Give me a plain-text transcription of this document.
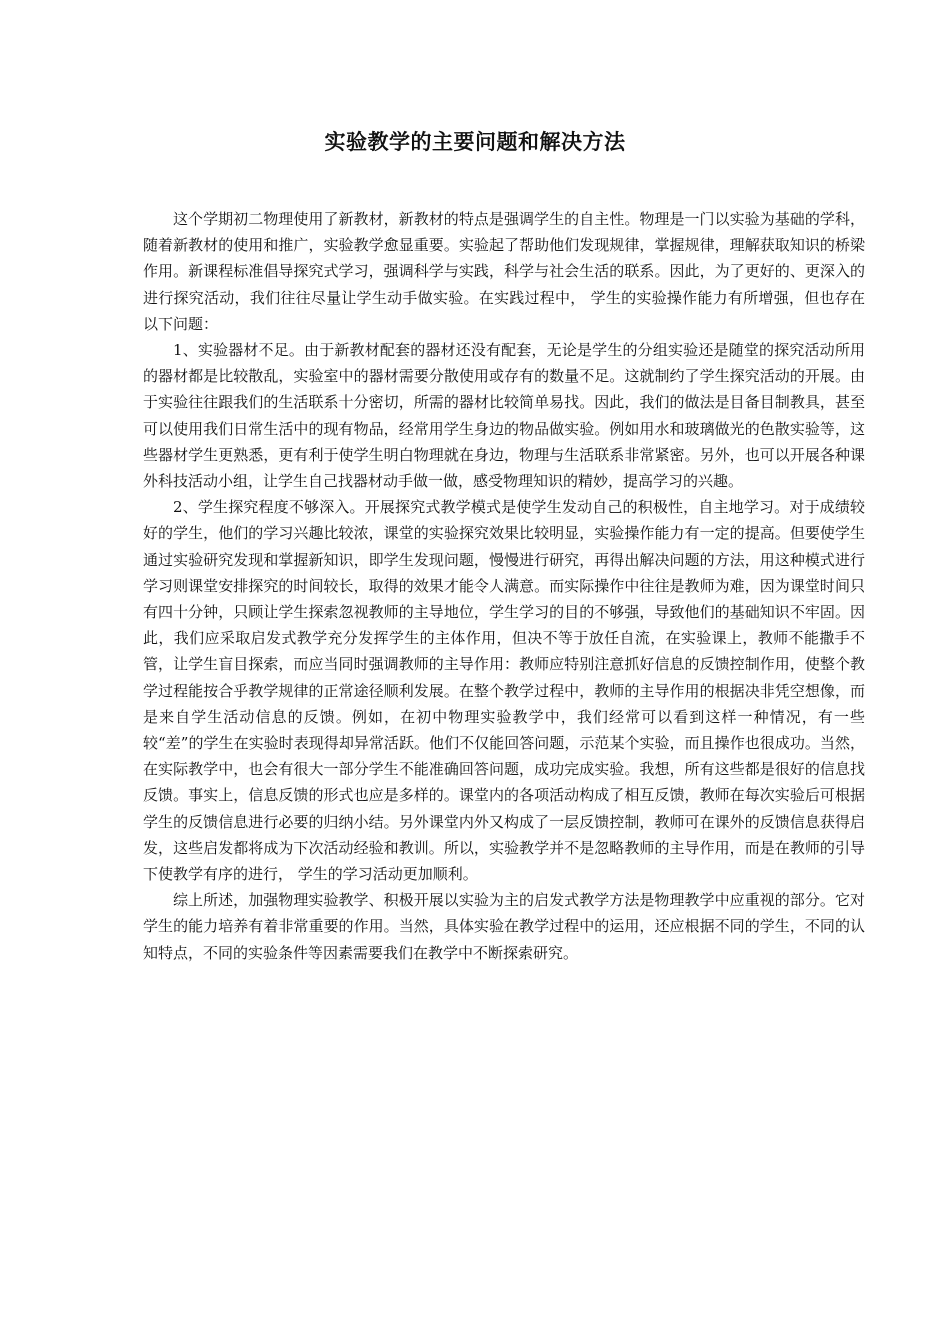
实验教学的主要问题和解决方法

这个学期初二物理使用了新教材，新教材的特点是强调学生的自主性。物理是一门以实验为基础的学科，随着新教材的使用和推广，实验教学愈显重要。实验起了帮助他们发现规律，掌握规律，理解获取知识的桥梁作用。新课程标准倡导探究式学习，强调科学与实践，科学与社会生活的联系。因此，为了更好的、更深入的进行探究活动，我们往往尽量让学生动手做实验。在实践过程中， 学生的实验操作能力有所增强，但也存在以下问题：

1、实验器材不足。由于新教材配套的器材还没有配套，无论是学生的分组实验还是随堂的探究活动所用的器材都是比较散乱，实验室中的器材需要分散使用或存有的数量不足。这就制约了学生探究活动的开展。由于实验往往跟我们的生活联系十分密切，所需的器材比较简单易找。因此，我们的做法是目备目制教具，甚至可以使用我们日常生活中的现有物品，经常用学生身边的物品做实验。例如用水和玻璃做光的色散实验等，这些器材学生更熟悉，更有利于使学生明白物理就在身边，物理与生活联系非常紧密。另外，也可以开展各种课外科技活动小组，让学生自己找器材动手做一做，感受物理知识的精妙，提高学习的兴趣。

2、学生探究程度不够深入。开展探究式教学模式是使学生发动自己的积极性，自主地学习。对于成绩较好的学生，他们的学习兴趣比较浓，课堂的实验探究效果比较明显，实验操作能力有一定的提高。但要使学生通过实验研究发现和掌握新知识，即学生发现问题，慢慢进行研究，再得出解决问题的方法，用这种模式进行学习则课堂安排探究的时间较长，取得的效果才能令人满意。而实际操作中往往是教师为难，因为课堂时间只有四十分钟，只顾让学生探索忽视教师的主导地位，学生学习的目的不够强，导致他们的基础知识不牢固。因此，我们应采取启发式教学充分发挥学生的主体作用，但决不等于放任自流，在实验课上，教师不能撒手不管，让学生盲目探索，而应当同时强调教师的主导作用：教师应特别注意抓好信息的反馈控制作用，使整个教学过程能按合乎教学规律的正常途径顺利发展。在整个教学过程中，教师的主导作用的根据决非凭空想像，而是来自学生活动信息的反馈。例如，在初中物理实验教学中，我们经常可以看到这样一种情况，有一些较“差”的学生在实验时表现得却异常活跃。他们不仅能回答问题，示范某个实验，而且操作也很成功。当然，在实际教学中，也会有很大一部分学生不能准确回答问题，成功完成实验。我想，所有这些都是很好的信息找反馈。事实上，信息反馈的形式也应是多样的。课堂内的各项活动构成了相互反馈，教师在每次实验后可根据学生的反馈信息进行必要的归纳小结。另外课堂内外又构成了一层反馈控制，教师可在课外的反馈信息获得启发，这些启发都将成为下次活动经验和教训。所以，实验教学并不是忽略教师的主导作用，而是在教师的引导下使教学有序的进行， 学生的学习活动更加顺利。

综上所述，加强物理实验教学、积极开展以实验为主的启发式教学方法是物理教学中应重视的部分。它对学生的能力培养有着非常重要的作用。当然，具体实验在教学过程中的运用，还应根据不同的学生，不同的认知特点，不同的实验条件等因素需要我们在教学中不断探索研究。
